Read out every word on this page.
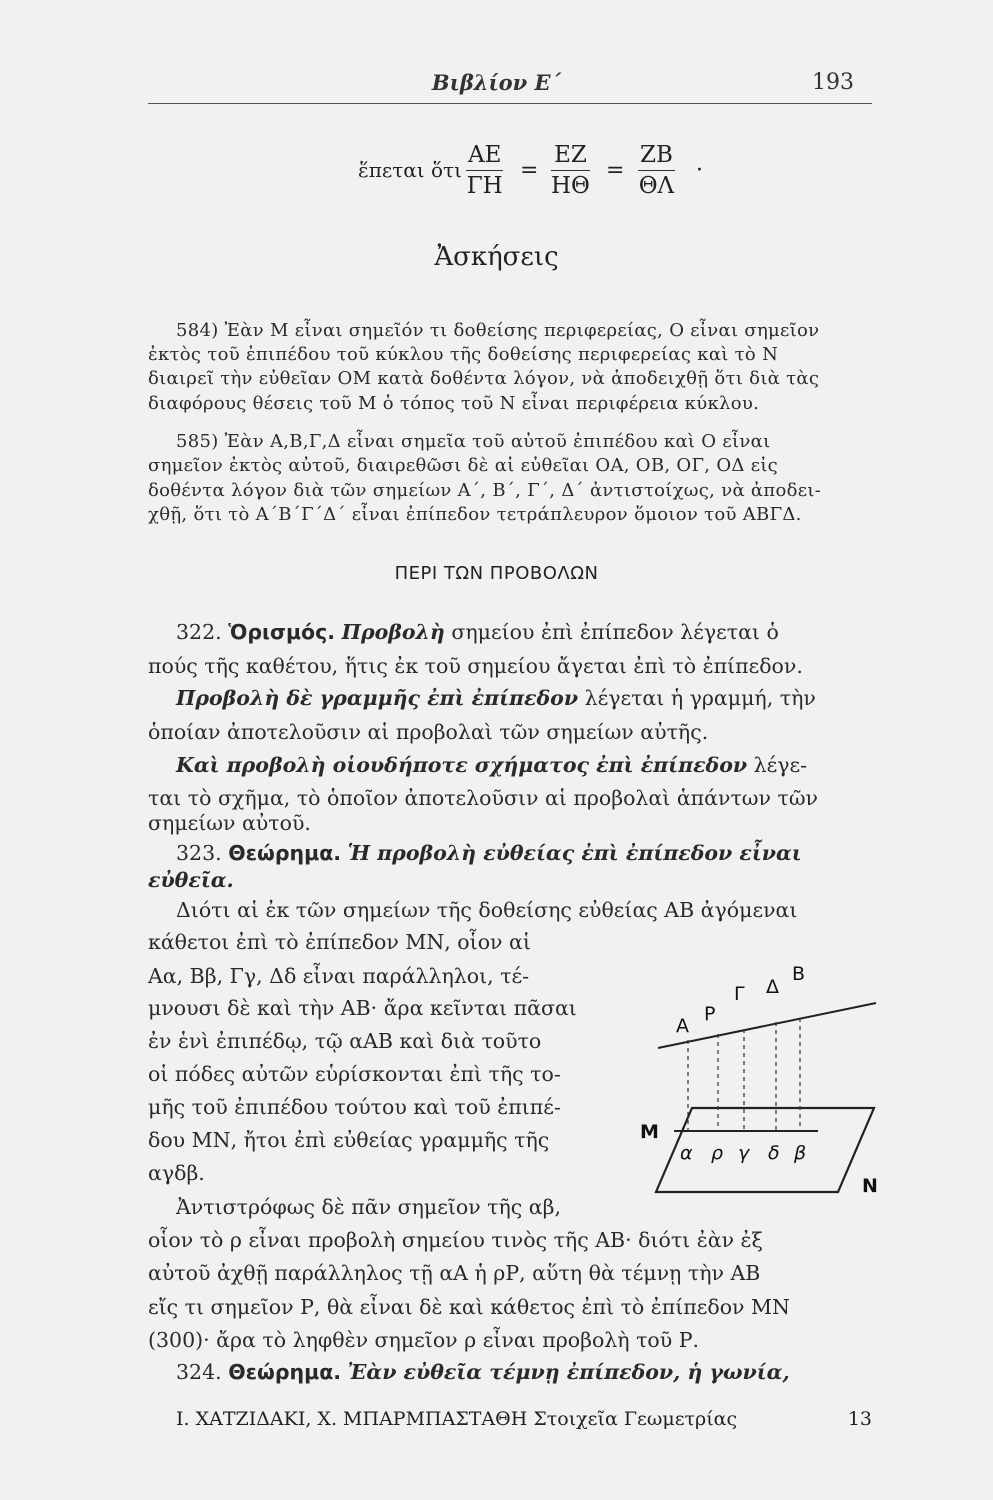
Βιβλίον Ε΄	193
ἕπεται ὅτι $\frac{AE}{\Gamma H} = \frac{EZ}{H\Theta} = \frac{ZB}{\Theta\Lambda}$ ·
Ἀσκήσεις
584) Ἐὰν Μ εἶναι σημεῖόν τι δοθείσης περιφερείας, Ο εἶναι σημεῖον
ἐκτὸς τοῦ ἐπιπέδου τοῦ κύκλου τῆς δοθείσης περιφερείας καὶ τὸ Ν
διαιρεῖ τὴν εὐθεῖαν ΟΜ κατὰ δοθέντα λόγον, νὰ ἀποδειχθῇ ὅτι διὰ τὰς
διαφόρους θέσεις τοῦ Μ ὁ τόπος τοῦ Ν εἶναι περιφέρεια κύκλου.
585) Ἐὰν Α,Β,Γ,Δ εἶναι σημεῖα τοῦ αὐτοῦ ἐπιπέδου καὶ Ο εἶναι
σημεῖον ἐκτὸς αὐτοῦ, διαιρεθῶσι δὲ αἱ εὐθεῖαι ΟΑ, ΟΒ, ΟΓ, ΟΔ εἰς
δοθέντα λόγον διὰ τῶν σημείων Α΄, Β΄, Γ΄, Δ΄ ἀντιστοίχως, νὰ ἀποδει-
χθῇ, ὅτι τὸ Α΄Β΄Γ΄Δ΄ εἶναι ἐπίπεδον τετράπλευρον ὅμοιον τοῦ ΑΒΓΔ.
ΠΕΡΙ ΤΩΝ ΠΡΟΒΟΛΩΝ
322. Ὁρισμός. Προβολὴ σημείου ἐπὶ ἐπίπεδον λέγεται ὁ
πούς τῆς καθέτου, ἥτις ἐκ τοῦ σημείου ἄγεται ἐπὶ τὸ ἐπίπεδον.
Προβολὴ δὲ γραμμῆς ἐπὶ ἐπίπεδον λέγεται ἡ γραμμή, τὴν
ὁποίαν ἀποτελοῦσιν αἱ προβολαὶ τῶν σημείων αὐτῆς.
Καὶ προβολὴ οἱουδήποτε σχήματος ἐπὶ ἐπίπεδον λέγε-
ται τὸ σχῆμα, τὸ ὁποῖον ἀποτελοῦσιν αἱ προβολαὶ ἁπάντων τῶν
σημείων αὐτοῦ.
323. Θεώρημα. Ἡ προβολὴ εὐθείας ἐπὶ ἐπίπεδον εἶναι
εὐθεῖα.
Διότι αἱ ἐκ τῶν σημείων τῆς δοθείσης εὐθείας ΑΒ ἀγόμεναι
κάθετοι ἐπὶ τὸ ἐπίπεδον ΜΝ, οἷον αἱ
Αα, Ββ, Γγ, Δδ εἶναι παράλληλοι, τέ-
μνουσι δὲ καὶ τὴν ΑΒ· ἄρα κεῖνται πᾶσαι
ἐν ἑνὶ ἐπιπέδῳ, τῷ αΑΒ καὶ διὰ τοῦτο
οἱ πόδες αὐτῶν εὑρίσκονται ἐπὶ τῆς το-
μῆς τοῦ ἐπιπέδου τούτου καὶ τοῦ ἐπιπέ-
δου ΜΝ, ἤτοι ἐπὶ εὐθείας γραμμῆς τῆς
αγδβ.
Ἀντιστρόφως δὲ πᾶν σημεῖον τῆς αβ,
οἷον τὸ ρ εἶναι προβολὴ σημείου τινὸς τῆς ΑΒ· διότι ἐὰν ἐξ
αὐτοῦ ἀχθῇ παράλληλος τῇ αΑ ἡ ρΡ, αὕτη θὰ τέμνῃ τὴν ΑΒ
εἴς τι σημεῖον Ρ, θὰ εἶναι δὲ καὶ κάθετος ἐπὶ τὸ ἐπίπεδον ΜΝ
(300)· ἄρα τὸ ληφθὲν σημεῖον ρ εἶναι προβολὴ τοῦ Ρ.
324. Θεώρημα. Ἐὰν εὐθεῖα τέμνῃ ἐπίπεδον, ἡ γωνία,
Α
Ρ
Γ Δ
Β
α ρ γ δ β
Μ
Ν
Ι. ΧΑΤΖΙΔΑΚΙ, Χ. ΜΠΑΡΜΠΑΣΤΑΘΗ Στοιχεῖα Γεωμετρίας	13
